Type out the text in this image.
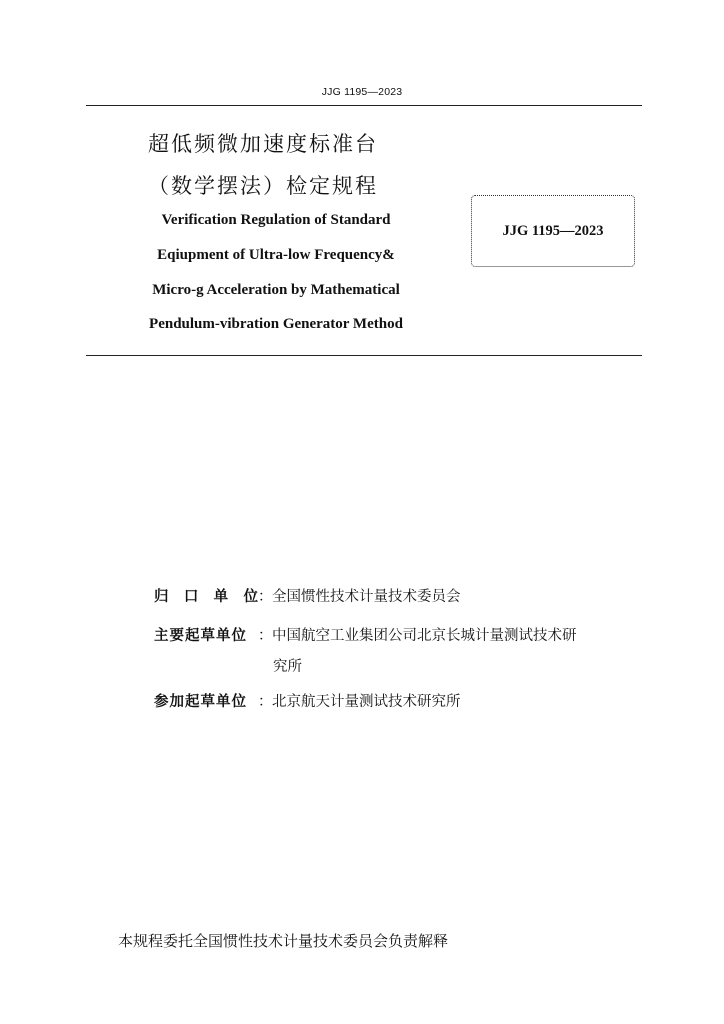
JJG 1195—2023
超低频微加速度标准台
（数学摆法）检定规程
Verification Regulation of Standard
Eqiupment of Ultra-low Frequency&
Micro-g Acceleration by Mathematical
Pendulum-vibration Generator Method
JJG 1195—2023
归 口 单 位 ： 全国惯性技术计量技术委员会
主要起草单位 ： 中国航空工业集团公司北京长城计量测试技术研
究所
参加起草单位 ： 北京航天计量测试技术研究所
本规程委托全国惯性技术计量技术委员会负责解释
